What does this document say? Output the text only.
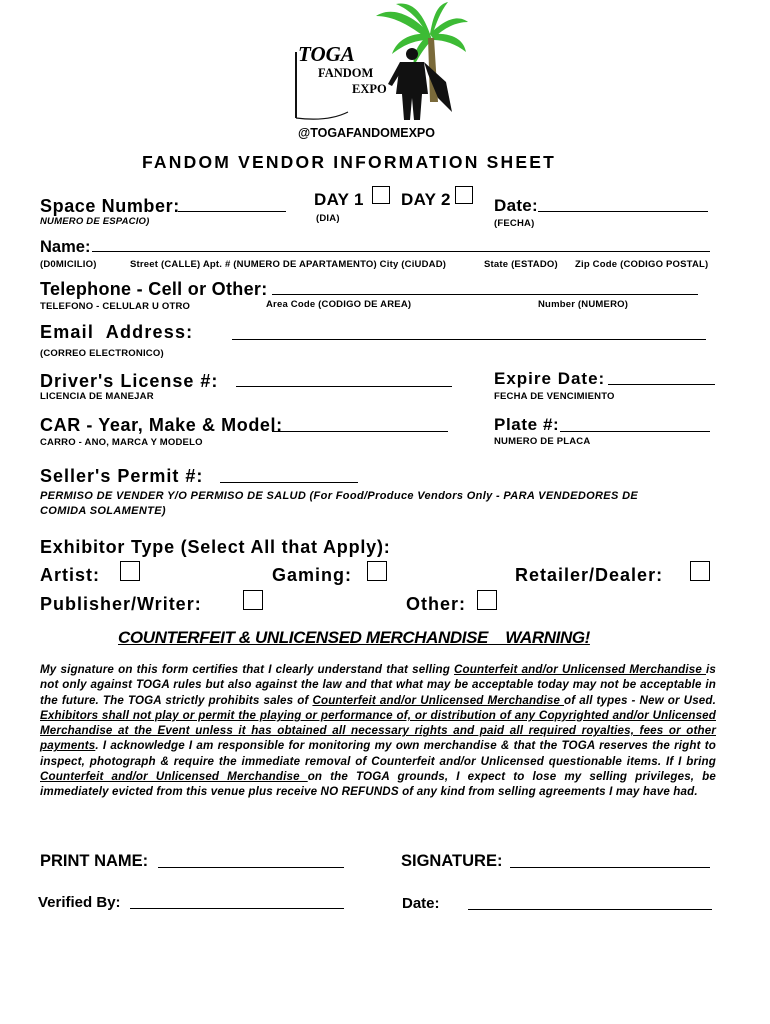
TOGA
FANDOM
EXPO
@TOGAFANDOMEXPO
FANDOM VENDOR INFORMATION SHEET
Space Number:
NUMERO DE ESPACIO)
DAY 1 DAY 2
(DIA)
Date:
(FECHA)
Name:
(D0MICILIO)	Street (CALLE) Apt. # (NUMERO DE APARTAMENTO) City (CiUDAD)	State (ESTADO) Zip Code (CODIGO POSTAL)
Telephone - Cell or Other:
TELEFONO - CELULAR U OTRO	Area Code (CODIGO DE AREA)	Number (NUMERO)
Email  Address:
(CORREO ELECTRONICO)
Driver's License #:
LICENCIA DE MANEJAR
Expire Date:
FECHA DE VENCIMIENTO
CAR - Year, Make & Model:
CARRO - ANO, MARCA Y MODELO
Plate #:
NUMERO DE PLACA
Seller's Permit #:
PERMISO DE VENDER Y/O PERMISO DE SALUD (For Food/Produce Vendors Only - PARA VENDEDORES DE
COMIDA SOLAMENTE)
Exhibitor Type (Select All that Apply):
Artist:	Gaming:	Retailer/Dealer:
Publisher/Writer:	Other:
COUNTERFEIT & UNLICENSED MERCHANDISE    WARNING!
My signature on this form certifies that I clearly understand that selling Counterfeit and/or Unlicensed Merchandise is not only against TOGA rules but also against the law and that what may be acceptable today may not be acceptable in the future. The TOGA strictly prohibits sales of Counterfeit and/or Unlicensed Merchandise of all types - New or Used. Exhibitors shall not play or permit the playing or performance of, or distribution of any Copyrighted and/or Unlicensed Merchandise at the Event unless it has obtained all necessary rights and paid all required royalties, fees or other payments. I acknowledge I am responsible for monitoring my own merchandise & that the TOGA reserves the right to inspect, photograph & require the immediate removal of Counterfeit and/or Unlicensed questionable items. If I bring Counterfeit and/or Unlicensed Merchandise on the TOGA grounds, I expect to lose my selling privileges, be immediately evicted from this venue plus receive NO REFUNDS of any kind from selling agreements I may have had.
PRINT NAME:	SIGNATURE:
Verified By:	Date:
